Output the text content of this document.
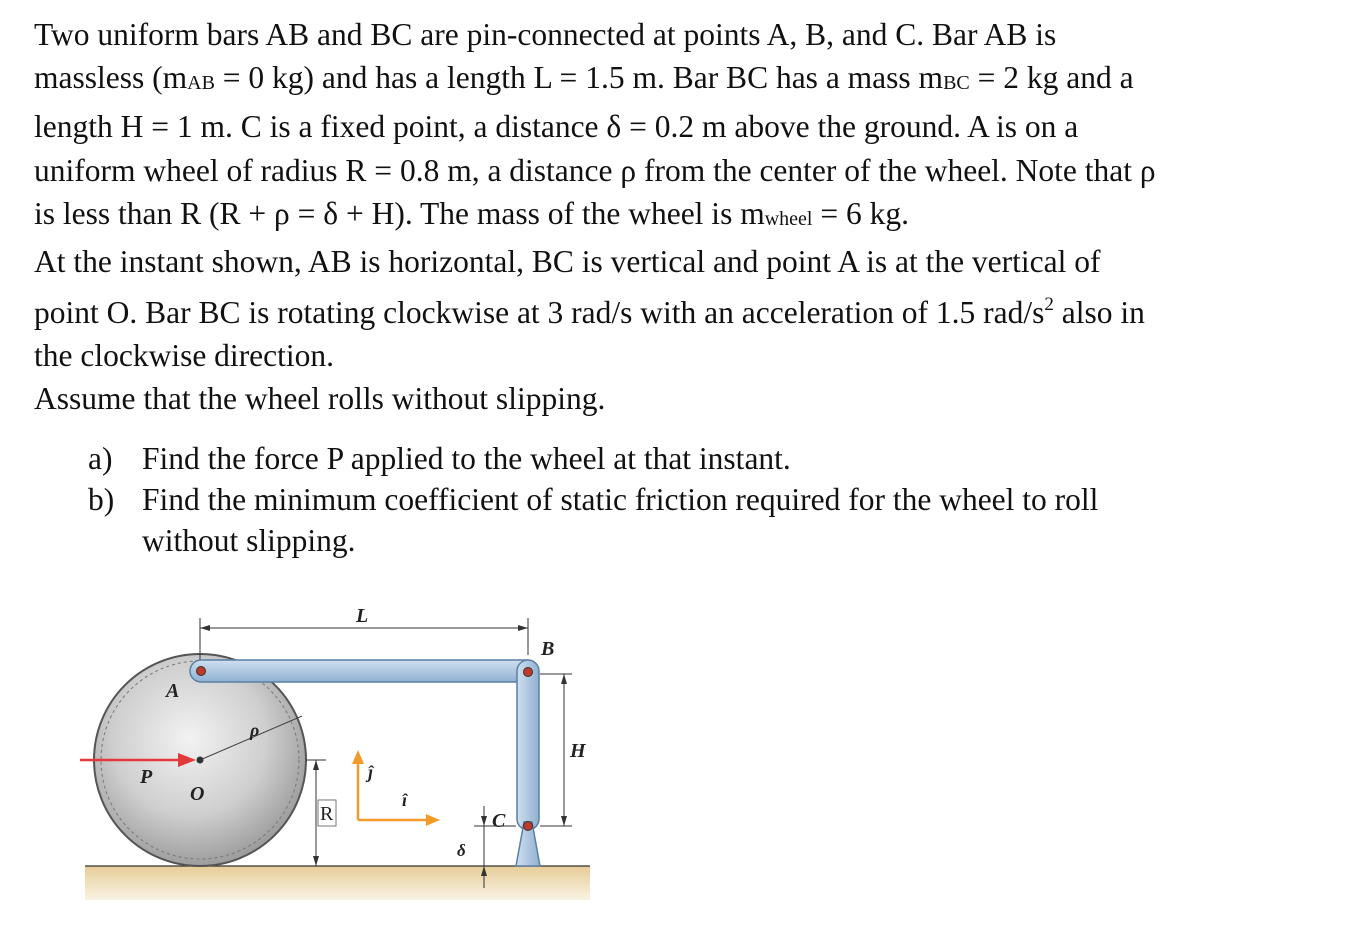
Two uniform bars AB and BC are pin-connected at points A, B, and C. Bar AB is
massless (mAB = 0 kg) and has a length L = 1.5 m. Bar BC has a mass mBC = 2 kg and a
length H = 1 m. C is a fixed point, a distance δ = 0.2 m above the ground. A is on a
uniform wheel of radius R = 0.8 m, a distance ρ from the center of the wheel. Note that ρ
is less than R (R + ρ = δ + H). The mass of the wheel is mwheel = 6 kg.
At the instant shown, AB is horizontal, BC is vertical and point A is at the vertical of
point O. Bar BC is rotating clockwise at 3 rad/s with an acceleration of 1.5 rad/$s^2$ also in
the clockwise direction.
Assume that the wheel rolls without slipping.
a) Find the force P applied to the wheel at that instant.
b) Find the minimum coefficient of static friction required for the wheel to roll
without slipping.
ρ
P
O
L
A
B
C
H
R
δ
ĵ
î
